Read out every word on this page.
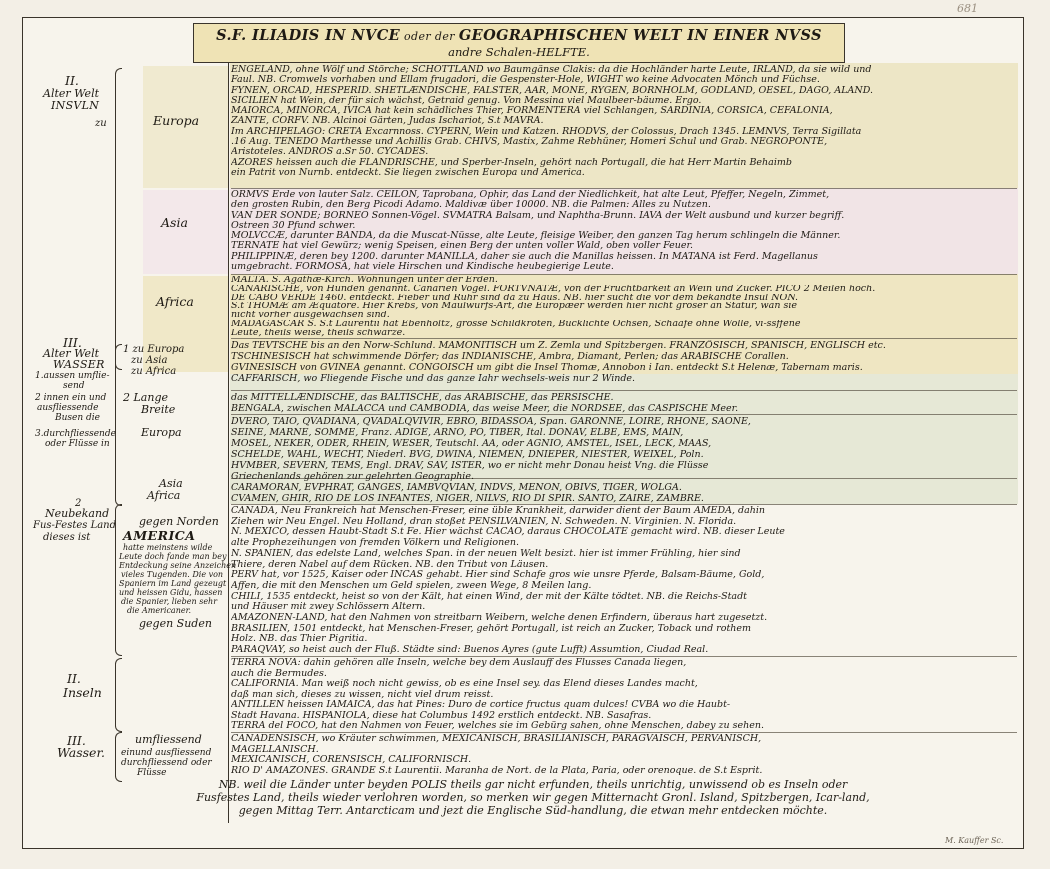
681
S.F. ILIADIS IN NVCE oder der GEOGRAPHISCHEN WELT IN EINER NVSS
andre Schalen-HELFTE.
II.
Alter Welt
INSVLN
zu	Europa
Asia
Africa
III.
Alter Welt
WASSER
1.aussen umflie-
send
1 zu Europa
zu Asia
zu Africa
2 innen ein und
ausfliessende
Busen die
2 Lange
Breite
3.durchfliessende
oder Flüsse in
Europa
Asia
Africa
2
Neubekand
Fus-Festes Land
dieses ist
gegen Norden
AMERICA
hatte meinstens wilde
Leute doch fande man bey
Entdeckung seine Anzeichen
vieles Tugenden. Die von
Spaniern im Land gezeugt
und heissen Gidu, hassen
die Spanier, lieben sehr
die Americaner.
gegen Suden
II.
Inseln
III.
Wasser.
umfliessend
einund ausfliessend
durchfliessend oder
Flüsse
ENGELAND, ohne Wölf und Störche; SCHOTTLAND wo Baumgänse Clakis: da die Hochländer harte Leute, IRLAND, da sie wild und
Faul. NB. Cromwels vorhaben und Ellam frugadori, die Gespenster-Hole, WIGHT wo keine Advocaten Mönch und Füchse.
FYNEN, ORCAD, HESPERID. SHETLÆNDISCHE, FALSTER, AAR, MONE, RYGEN, BORNHOLM, GODLAND, OESEL, DAGO, ALAND.
SICILIEN hat Wein, der für sich wächst, Getraid genug. Von Messina viel Maulbeer-bäume. Ergo.
MAIORCA, MINORCA, IVICA hat kein schädliches Thier, FORMENTERA viel Schlangen, SARDINIA, CORSICA, CEFALONIA,
ZANTE, CORFV. NB. Alcinoi Gärten, Judas Ischariot, S.t MAVRA.
Im ARCHIPELAGO: CRETA Excarnnoss. CYPERN, Wein und Katzen. RHODVS, der Colossus, Drach 1345. LEMNVS, Terra Sigillata
.16 Aug. TENEDO Marthesse und Achillis Grab. CHIVS, Mastix, Zahme Rebhüner, Homeri Schul und Grab. NEGROPONTE,
Aristoteles. ANDROS a.Sr 50. CYCADES.
AZORES heissen auch die FLANDRISCHE, und Sperber-Inseln, gehört nach Portugall, die hat Herr Martin Behaimb
ein Patrit von Nurnb. entdeckt. Sie liegen zwischen Europa und America.
ORMVS Erde von lauter Salz. CEILON, Taprobana, Ophir, das Land der Niedlichkeit, hat alte Leut, Pfeffer, Negeln, Zimmet,
den grosten Rubin, den Berg Picodi Adamo. Maldivæ über 10000. NB. die Palmen: Alles zu Nutzen.
VAN DER SONDE; BORNEO Sonnen-Vögel. SVMATRA Balsam, und Naphtha-Brunn. IAVA der Welt ausbund und kurzer begriff.
Ostreen 30 Pfund schwer.
MOLVCCÆ, darunter BANDA, da die Muscat-Nüsse, alte Leute, fleisige Weiber, den ganzen Tag herum schlingeln die Männer.
TERNATE hat viel Gewürz; wenig Speisen, einen Berg der unten voller Wald, oben voller Feuer.
PHILIPPINÆ, deren bey 1200. darunter MANILLA, daher sie auch die Manillas heissen. In MATANA ist Ferd. Magellanus
umgebracht. FORMOSA, hat viele Hirschen und Kindische heubegierige Leute.
MALTA. S. Agathæ-Kirch. Wohnungen unter der Erden.
CANARISCHE, von Hunden genannt. Canarien Vogel. FORTVNATÆ, von der Fruchtbarkeit an Wein und Zucker. PICO 2 Meilen hoch.
DE CABO VERDE 1460. entdeckt. Fieber und Ruhr sind da zu Haus. NB. hier sucht die vor dem bekandte Insul NON.
S.t THOMÆ am Æquatore. Hier Krebs, von Maulwurfs-Art, die Europæer werden hier nicht gröser an Statur, wan sie
nicht vorher ausgewachsen sind.
MADAGASCAR S. S.t Laurentii hat Ebenholtz, grosse Schildkroten, Bucklichte Ochsen, Schaafe ohne Wolle, vi-ssffene
Leute, theils weise, theils schwarze.
Das TEVTSCHE bis an den Norw-Schlund. MAMONITISCH um Z. Zemla und Spitzbergen. FRANZÖSISCH, SPANISCH, ENGLISCH etc.
TSCHINESISCH hat schwimmende Dörfer; das INDIANISCHE, Ambra, Diamant, Perlen; das ARABISCHE Corallen.
GVINESISCH von GVINEA genannt. CONGOISCH um gibt die Insel Thomæ, Annobon i Ian. entdeckt S.t Helenæ, Tabernam maris.
CAFFARISCH, wo Fliegende Fische und das ganze Iahr wechsels-weis nur 2 Winde.
das MITTELLÆNDISCHE, das BALTISCHE, das ARABISCHE, das PERSISCHE.
BENGALA, zwischen MALACCA und CAMBODIA, das weise Meer, die NORDSEE, das CASPISCHE Meer.
DVERO, TAIO, QVADIANA, QVADALQVIVIR, EBRO, BIDASSOA, Span. GARONNE, LOIRE, RHONE, SAONE,
SEINE, MARNE, SOMME, Franz. ADIGE, ARNO, PO, TIBER, Ital. DONAV, ELBE, EMS, MAIN,
MOSEL, NEKER, ODER, RHEIN, WESER, Teutschl. AA, oder AGNIO, AMSTEL, ISEL, LECK, MAAS,
SCHELDE, WAHL, WECHT, Niederl. BVG, DWINA, NIEMEN, DNIEPER, NIESTER, WEIXEL, Poln.
HVMBER, SEVERN, TEMS, Engl. DRAV, SAV, ISTER, wo er nicht mehr Donau heist Vng. die Flüsse
Griechenlands gehören zur gelehrten Geographie.
CARAMORAN, EVPHRAT, GANGES, IAMBVQVIAN, INDVS, MENON, OBIVS, TIGER, WOLGA.
CVAMEN, GHIR, RIO DE LOS INFANTES, NIGER, NILVS, RIO DI SPIR. SANTO, ZAIRE, ZAMBRE.
CANADA, Neu Frankreich hat Menschen-Freser, eine üble Krankheit, darwider dient der Baum AMEDA, dahin
Ziehen wir Neu Engel. Neu Holland, dran stoßet PENSILVANIEN, N. Schweden. N. Virginien. N. Florida.
N. MEXICO, dessen Haubt-Stadt S.t Fe. Hier wächst CACAO, daraus CHOCOLATE gemacht wird. NB. dieser Leute
alte Prophezeihungen von fremden Völkern und Religionen.
N. SPANIEN, das edelste Land, welches Span. in der neuen Welt besizt. hier ist immer Frühling, hier sind
Thiere, deren Nabel auf dem Rücken. NB. den Tribut von Läusen.
PERV hat, vor 1525, Kaiser oder INCAS gehabt. Hier sind Schafe gros wie unsre Pferde, Balsam-Bäume, Gold,
Affen, die mit den Menschen um Geld spielen, zween Wege, 8 Meilen lang.
CHILI, 1535 entdeckt, heist so von der Kält, hat einen Wind, der mit der Kälte tödtet. NB. die Reichs-Stadt
und Häuser mit zwey Schlössern Altern.
AMAZONEN-LAND, hat den Nahmen von streitbarn Weibern, welche denen Erfindern, überaus hart zugesetzt.
BRASILIEN, 1501 entdeckt, hat Menschen-Freser, gehört Portugall, ist reich an Zucker, Toback und rothem
Holz. NB. das Thier Pigritia.
PARAQVAY, so heist auch der Fluß. Städte sind: Buenos Ayres (gute Lufft) Assumtion, Ciudad Real.
TERRA NOVA: dahin gehören alle Inseln, welche bey dem Auslauff des Flusses Canada liegen,
auch die Bermudes.
CALIFORNIA. Man weiß noch nicht gewiss, ob es eine Insel sey. das Elend dieses Landes macht,
daß man sich, dieses zu wissen, nicht viel drum reisst.
ANTILLEN heissen IAMAICA, das hat Pines: Duro de cortice fructus quam dulces! CVBA wo die Haubt-
Stadt Havana. HISPANIOLA, diese hat Columbus 1492 erstlich entdeckt. NB. Sasafras.
TERRA del FOCO, hat den Nahmen von Feuer, welches sie im Gebürg sahen, ohne Menschen, dabey zu sehen.
CANADENSISCH, wo Kräuter schwimmen, MEXICANISCH, BRASILIANISCH, PARAGVAISCH, PERVANISCH,
MAGELLANISCH.
MEXICANISCH, CORENSISCH, CALIFORNISCH.
RIO D' AMAZONES. GRANDE S.t Laurentii. Maranha de Nort. de la Plata, Paria, oder orenoque. de S.t Esprit.
NB. weil die Länder unter beyden POLIS theils gar nicht erfunden, theils unrichtig, unwissend ob es Inseln oder
Fusfestes Land, theils wieder verlohren worden, so merken wir gegen Mitternacht Gronl. Island, Spitzbergen, Icar-land,
gegen Mittag Terr. Antarcticam und jezt die Englische Süd-handlung, die etwan mehr entdecken möchte.
M. Kauffer Sc.
